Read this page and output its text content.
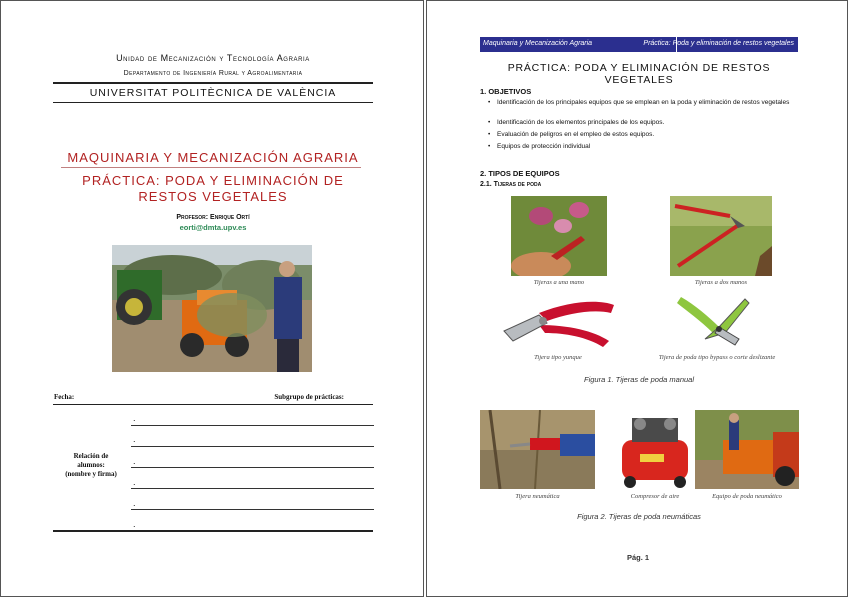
Unidad de Mecanización y Tecnología Agraria
Departamento de Ingeniería Rural y Agroalimentaria
UNIVERSITAT POLITÈCNICA DE VALÈNCIA
MAQUINARIA Y MECANIZACIÓN AGRARIA
PRÁCTICA: PODA Y ELIMINACIÓN DE
RESTOS VEGETALES
Profesor: Enrique Ortí
eorti@dmta.upv.es
Fecha:	Subgrupo de prácticas:
.
.
.
.
.
.
Relación de
alumnos:
(nombre y firma)
Maquinaria y Mecanización Agraria	Práctica: Poda y eliminación de restos vegetales
PRÁCTICA: PODA Y ELIMINACIÓN DE RESTOS VEGETALES
1. OBJETIVOS
• Identificación de los principales equipos que se emplean en la poda y eliminación de restos vegetales
• Identificación de los elementos principales de los equipos.
• Evaluación de peligros en el empleo de estos equipos.
• Equipos de protección individual
2. TIPOS DE EQUIPOS
2.1. Tijeras de poda
Tijeras a una mano	Tijeras a dos manos
Tijera tipo yunque	Tijera de poda tipo bypass o corte deslizante
Figura 1. Tijeras de poda manual
Tijera neumática	Compresor de aire	Equipo de poda neumático
Figura 2. Tijeras de poda neumáticas
Pág. 1
